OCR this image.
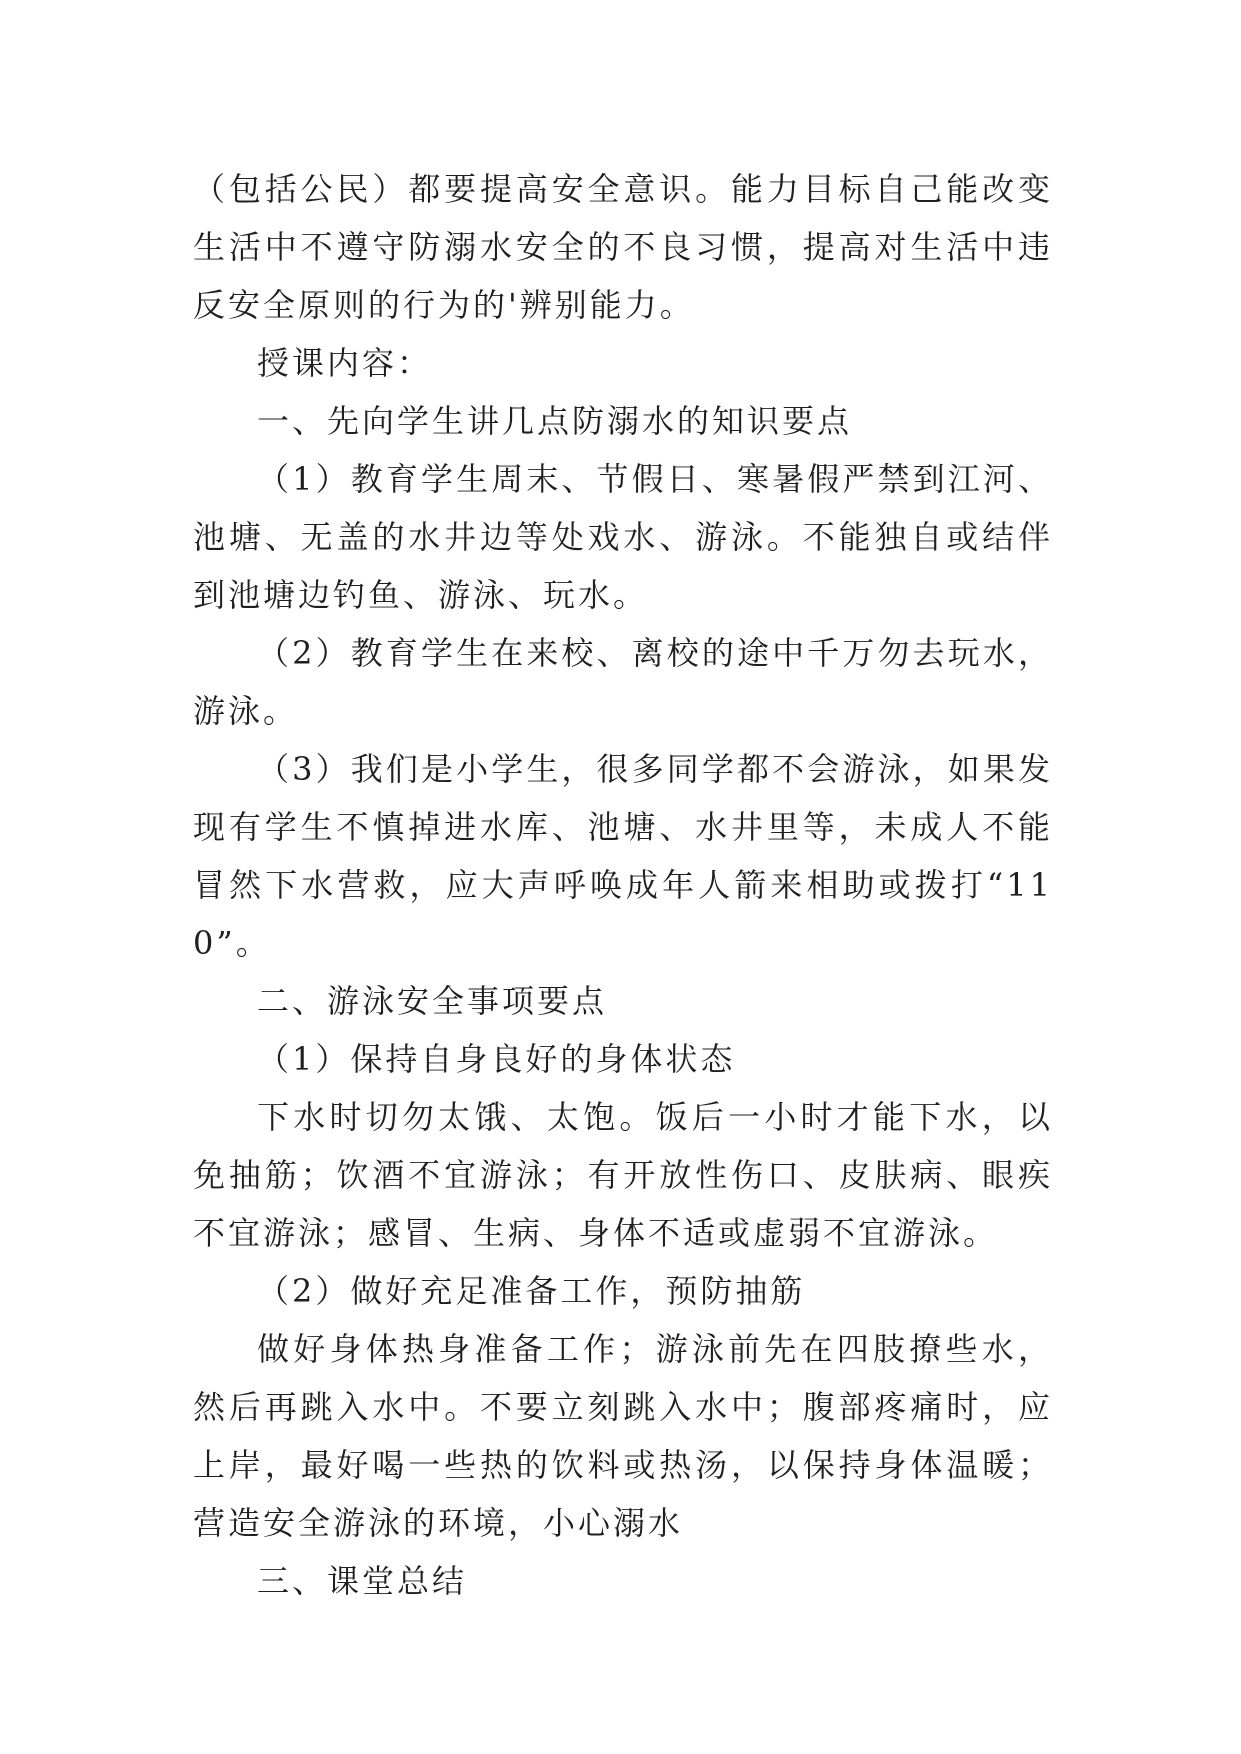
（包括公民）都要提高安全意识。能力目标自己能改变生活中不遵守防溺水安全的不良习惯，提高对生活中违反安全原则的行为的'辨别能力。

授课内容：

一、先向学生讲几点防溺水的知识要点

（1）教育学生周末、节假日、寒暑假严禁到江河、池塘、无盖的水井边等处戏水、游泳。不能独自或结伴到池塘边钓鱼、游泳、玩水。

（2）教育学生在来校、离校的途中千万勿去玩水，游泳。

（3）我们是小学生，很多同学都不会游泳，如果发现有学生不慎掉进水库、池塘、水井里等，未成人不能冒然下水营救，应大声呼唤成年人箭来相助或拨打“110”。

二、游泳安全事项要点

（1）保持自身良好的身体状态

下水时切勿太饿、太饱。饭后一小时才能下水，以免抽筋；饮酒不宜游泳；有开放性伤口、皮肤病、眼疾不宜游泳；感冒、生病、身体不适或虚弱不宜游泳。

（2）做好充足准备工作，预防抽筋

做好身体热身准备工作；游泳前先在四肢撩些水，然后再跳入水中。不要立刻跳入水中；腹部疼痛时，应上岸，最好喝一些热的饮料或热汤，以保持身体温暖；营造安全游泳的环境，小心溺水

三、课堂总结
